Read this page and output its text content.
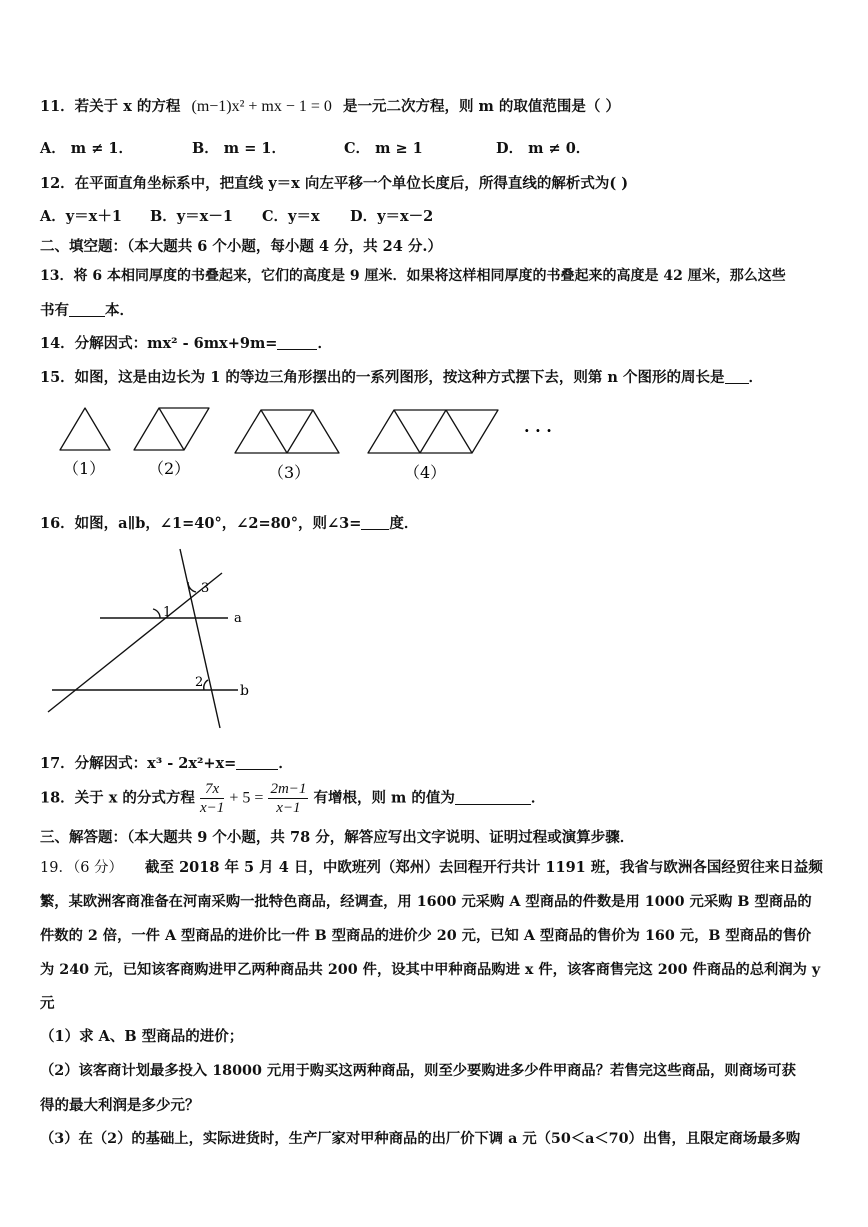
11．若关于 x 的方程 (m−1)x² + mx − 1 = 0 是一元二次方程，则 m 的取值范围是（ ）
A． m ≠ 1．	B． m = 1．	C． m ≥ 1	D． m ≠ 0．
12．在平面直角坐标系中，把直线 y＝x 向左平移一个单位长度后，所得直线的解析式为( )
A．y＝x＋1 B．y＝x－1 C．y＝x D．y＝x－2
二、填空题：（本大题共 6 个小题，每小题 4 分，共 24 分.）
13．将 6 本相同厚度的书叠起来，它们的高度是 9 厘米．如果将这样相同厚度的书叠起来的高度是 42 厘米，那么这些
书有 本．
14．分解因式：mx² - 6mx+9m=	．
15．如图，这是由边长为 1 的等边三角形摆出的一系列图形，按这种方式摆下去，则第 n 个图形的周长是 ．
（1）	（2）	（3）	（4）
· · ·
16．如图，a∥b，∠1=40°，∠2=80°，则∠3= 度．
3
1	a
2
b
17．分解因式：x³ - 2x²+x=	．
18．关于 x 的分式方程 $\frac{7x}{x-1} + 5 = \frac{2m-1}{x-1}$ 有增根，则 m 的值为	．
三、解答题：（本大题共 9 个小题，共 78 分，解答应写出文字说明、证明过程或演算步骤．
19．（6 分） 截至 2018 年 5 月 4 日，中欧班列（郑州）去回程开行共计 1191 班，我省与欧洲各国经贸往来日益频
繁，某欧洲客商准备在河南采购一批特色商品，经调查，用 1600 元采购 A 型商品的件数是用 1000 元采购 B 型商品的
件数的 2 倍，一件 A 型商品的进价比一件 B 型商品的进价少 20 元，已知 A 型商品的售价为 160 元，B 型商品的售价
为 240 元，已知该客商购进甲乙两种商品共 200 件，设其中甲种商品购进 x 件，该客商售完这 200 件商品的总利润为 y
元
（1）求 A、B 型商品的进价；
（2）该客商计划最多投入 18000 元用于购买这两种商品，则至少要购进多少件甲商品？若售完这些商品，则商场可获
得的最大利润是多少元？
（3）在（2）的基础上，实际进货时，生产厂家对甲种商品的出厂价下调 a 元（50＜a＜70）出售，且限定商场最多购
